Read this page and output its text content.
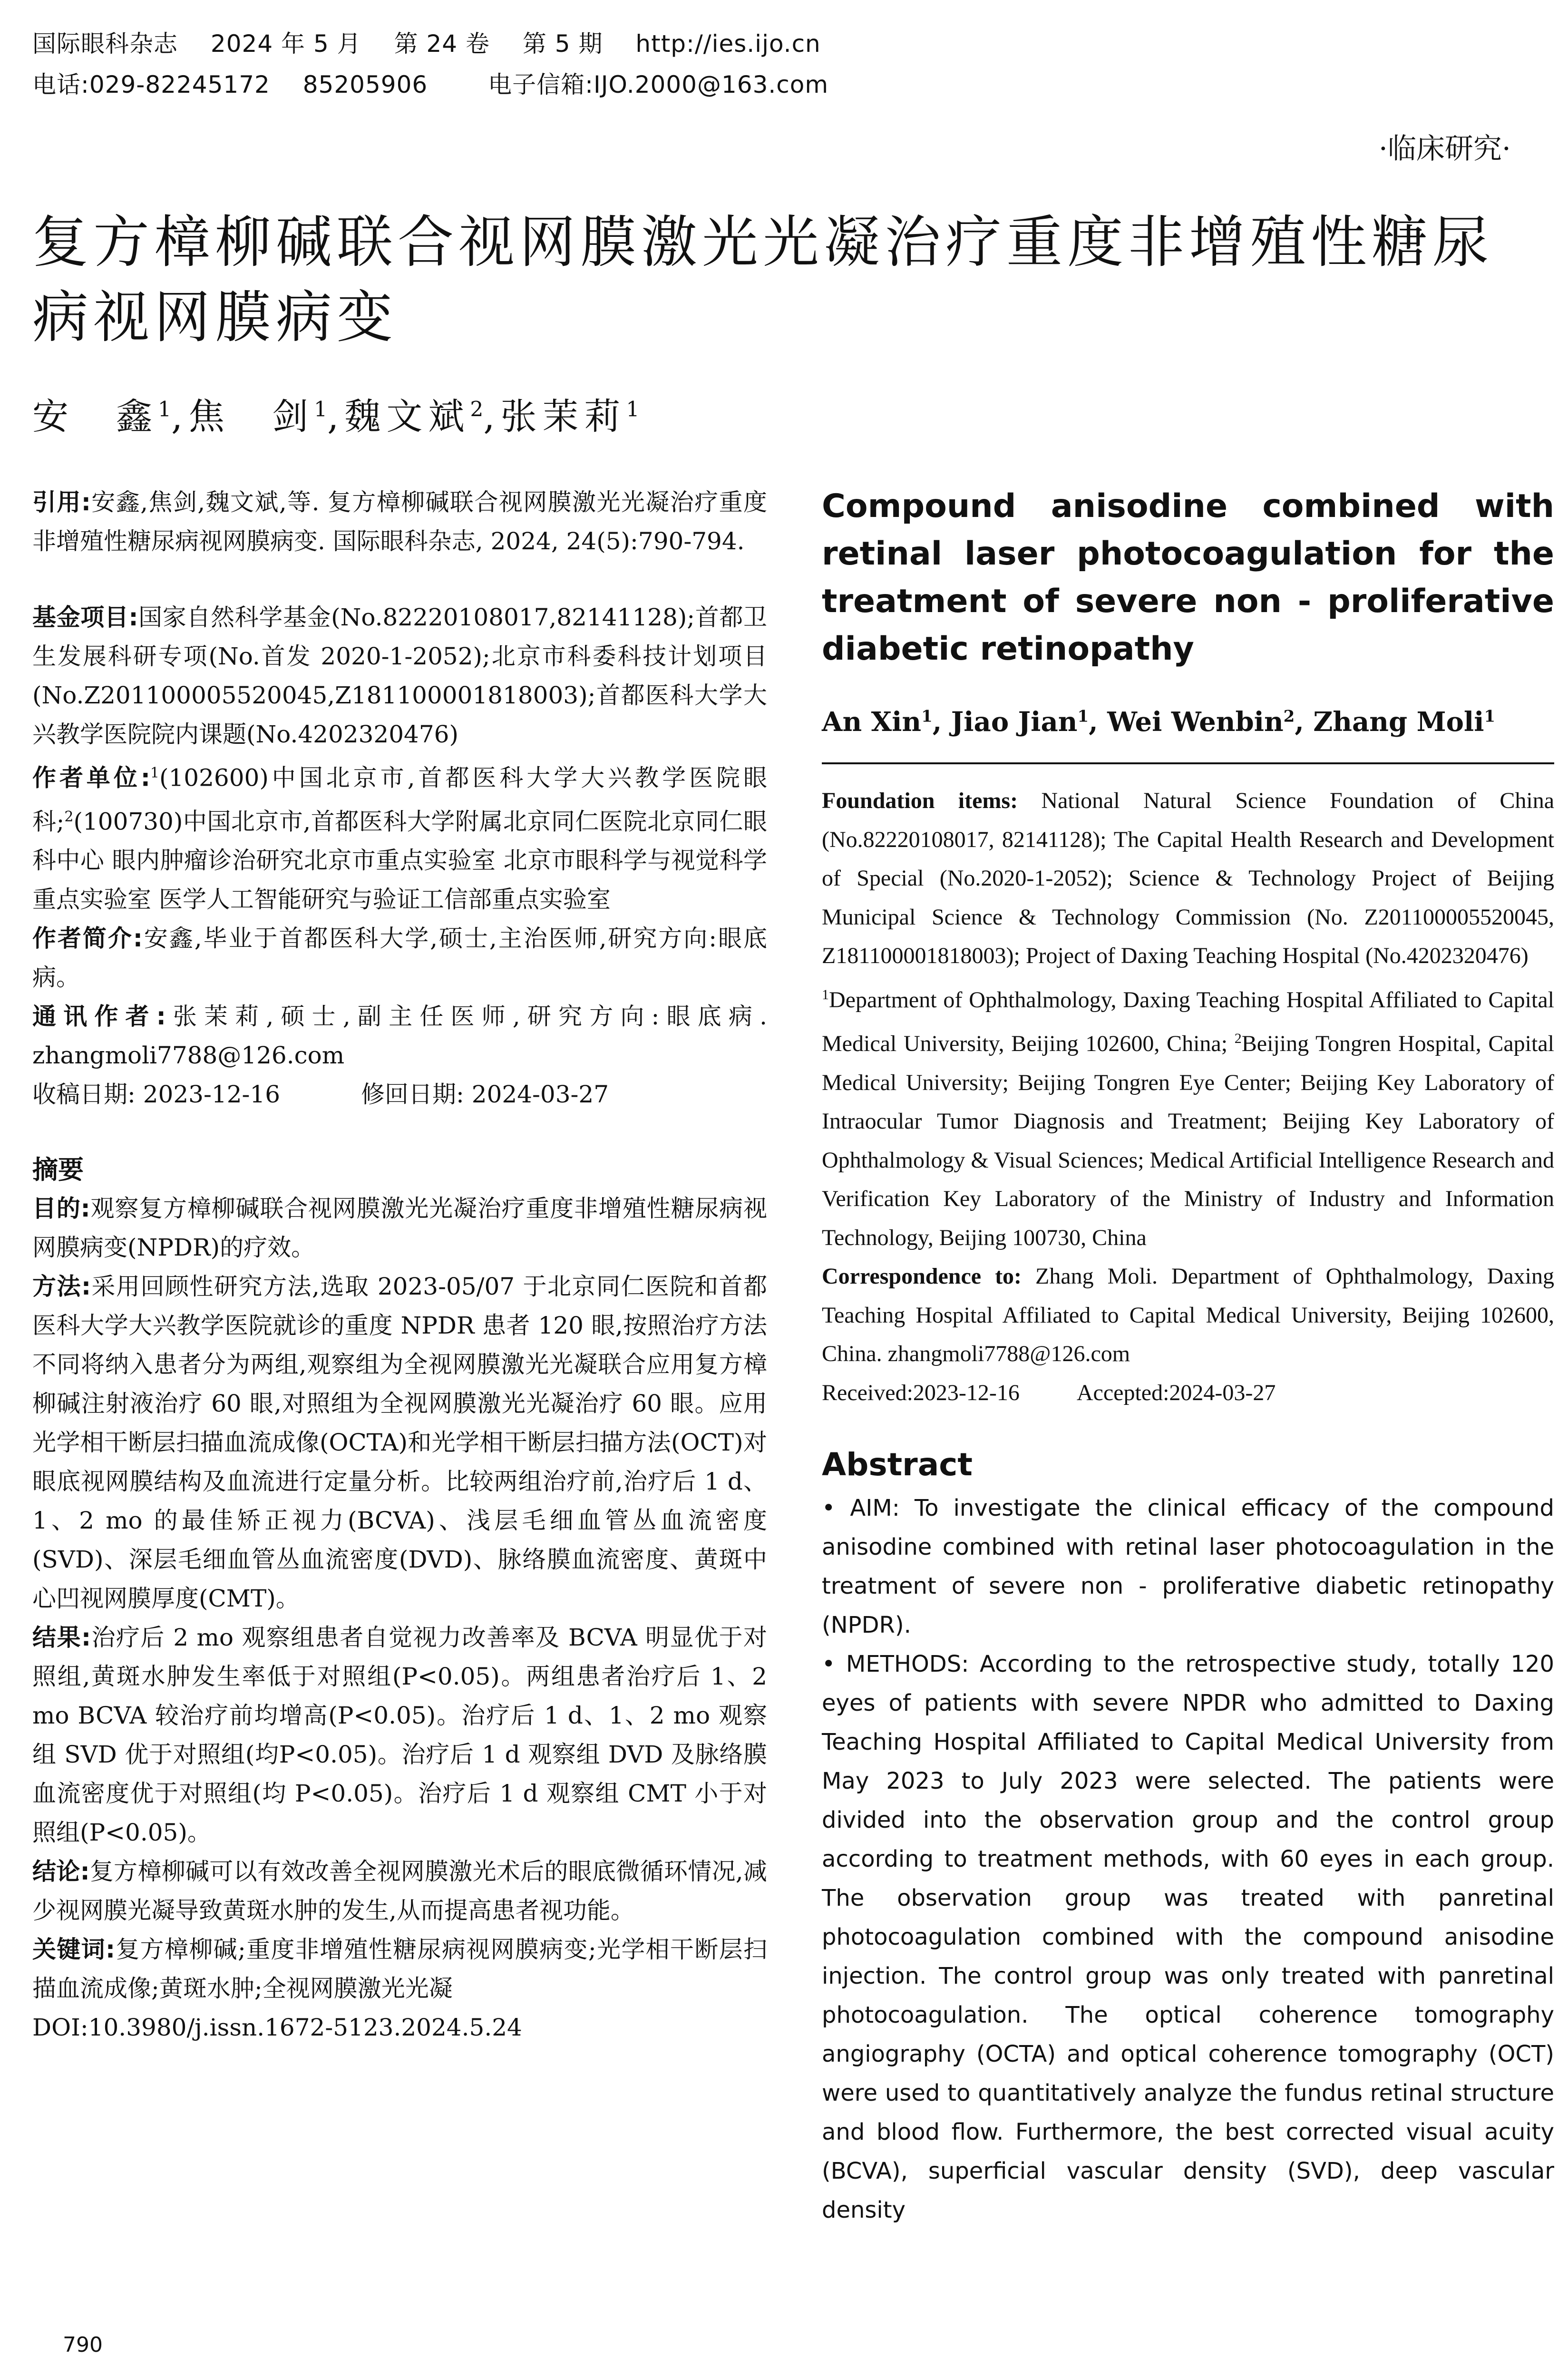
国际眼科杂志 2024 年 5 月 第 24 卷 第 5 期 http://ies.ijo.cn
电话:029-82245172 85205906	电子信箱:IJO.2000@163.com
·临床研究·
复方樟柳碱联合视网膜激光光凝治疗重度非增殖性糖尿病视网膜病变
安　鑫$^1$,焦　剑$^1$,魏文斌$^2$,张茉莉$^1$

引用:安鑫,焦剑,魏文斌,等. 复方樟柳碱联合视网膜激光光凝治疗重度非增殖性糖尿病视网膜病变. 国际眼科杂志, 2024, 24(5):790-794.

基金项目:国家自然科学基金(No.82220108017,82141128);首都卫生发展科研专项(No.首发 2020-1-2052);北京市科委科技计划项目(No.Z201100005520045,Z181100001818003);首都医科大学大兴教学医院院内课题(No.4202320476)

作者单位:$^1$(102600)中国北京市,首都医科大学大兴教学医院眼科;$^2$(100730)中国北京市,首都医科大学附属北京同仁医院北京同仁眼科中心 眼内肿瘤诊治研究北京市重点实验室 北京市眼科学与视觉科学重点实验室 医学人工智能研究与验证工信部重点实验室

作者简介:安鑫,毕业于首都医科大学,硕士,主治医师,研究方向:眼底病。

通讯作者:张茉莉,硕士,副主任医师,研究方向:眼底病. zhangmoli7788@126.com

收稿日期: 2023-12-16	修回日期: 2024-03-27

摘要

目的:观察复方樟柳碱联合视网膜激光光凝治疗重度非增殖性糖尿病视网膜病变(NPDR)的疗效。

方法:采用回顾性研究方法,选取 2023-05/07 于北京同仁医院和首都医科大学大兴教学医院就诊的重度 NPDR 患者 120 眼,按照治疗方法不同将纳入患者分为两组,观察组为全视网膜激光光凝联合应用复方樟柳碱注射液治疗 60 眼,对照组为全视网膜激光光凝治疗 60 眼。应用光学相干断层扫描血流成像(OCTA)和光学相干断层扫描方法(OCT)对眼底视网膜结构及血流进行定量分析。比较两组治疗前,治疗后 1 d、1、2 mo 的最佳矫正视力(BCVA)、浅层毛细血管丛血流密度(SVD)、深层毛细血管丛血流密度(DVD)、脉络膜血流密度、黄斑中心凹视网膜厚度(CMT)。

结果:治疗后 2 mo 观察组患者自觉视力改善率及 BCVA 明显优于对照组,黄斑水肿发生率低于对照组(P<0.05)。两组患者治疗后 1、2 mo BCVA 较治疗前均增高(P<0.05)。治疗后 1 d、1、2 mo 观察组 SVD 优于对照组(均P<0.05)。治疗后 1 d 观察组 DVD 及脉络膜血流密度优于对照组(均 P<0.05)。治疗后 1 d 观察组 CMT 小于对照组(P<0.05)。

结论:复方樟柳碱可以有效改善全视网膜激光术后的眼底微循环情况,减少视网膜光凝导致黄斑水肿的发生,从而提高患者视功能。

关键词:复方樟柳碱;重度非增殖性糖尿病视网膜病变;光学相干断层扫描血流成像;黄斑水肿;全视网膜激光光凝

DOI:10.3980/j.issn.1672-5123.2024.5.24

Compound anisodine combined with retinal laser photocoagulation for the treatment of severe non - proliferative diabetic retinopathy

An Xin$^1$, Jiao Jian$^1$, Wei Wenbin$^2$, Zhang Moli$^1$

Foundation items: National Natural Science Foundation of China (No.82220108017, 82141128); The Capital Health Research and Development of Special (No.2020-1-2052); Science & Technology Project of Beijing Municipal Science & Technology Commission (No. Z201100005520045, Z181100001818003); Project of Daxing Teaching Hospital (No.4202320476)

$^1$Department of Ophthalmology, Daxing Teaching Hospital Affiliated to Capital Medical University, Beijing 102600, China; $^2$Beijing Tongren Hospital, Capital Medical University; Beijing Tongren Eye Center; Beijing Key Laboratory of Intraocular Tumor Diagnosis and Treatment; Beijing Key Laboratory of Ophthalmology & Visual Sciences; Medical Artificial Intelligence Research and Verification Key Laboratory of the Ministry of Industry and Information Technology, Beijing 100730, China

Correspondence to: Zhang Moli. Department of Ophthalmology, Daxing Teaching Hospital Affiliated to Capital Medical University, Beijing 102600, China. zhangmoli7788@126.com

Received:2023-12-16	Accepted:2024-03-27

Abstract

• AIM: To investigate the clinical efficacy of the compound anisodine combined with retinal laser photocoagulation in the treatment of severe non - proliferative diabetic retinopathy (NPDR).

• METHODS: According to the retrospective study, totally 120 eyes of patients with severe NPDR who admitted to Daxing Teaching Hospital Affiliated to Capital Medical University from May 2023 to July 2023 were selected. The patients were divided into the observation group and the control group according to treatment methods, with 60 eyes in each group. The observation group was treated with panretinal photocoagulation combined with the compound anisodine injection. The control group was only treated with panretinal photocoagulation. The optical coherence tomography angiography (OCTA) and optical coherence tomography (OCT) were used to quantitatively analyze the fundus retinal structure and blood flow. Furthermore, the best corrected visual acuity (BCVA), superficial vascular density (SVD), deep vascular density

790
